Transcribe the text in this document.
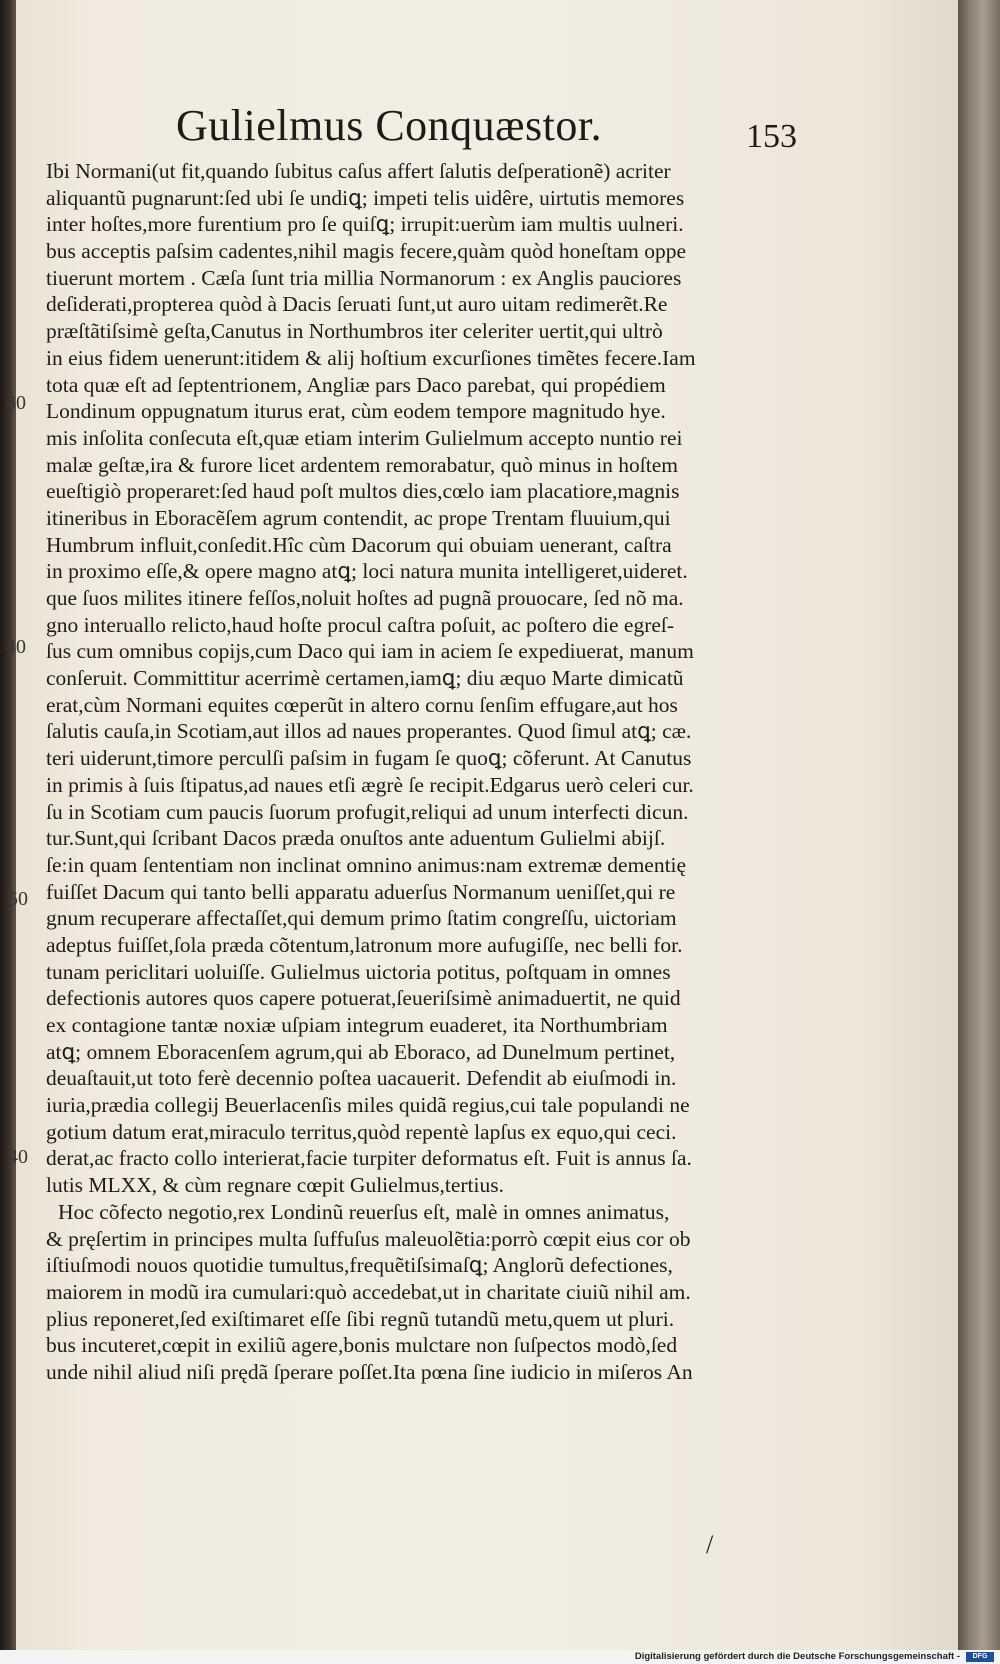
Gulielmus Conquæstor.	153
Ibi Normani(ut fit,quando ſubitus caſus affert ſalutis deſperationẽ) acriter
aliquantũ pugnarunt:ſed ubi ſe undiꝗ; impeti telis uidêre, uirtutis memores
inter hoſtes,more furentium pro ſe quiſꝗ; irrupit:uerùm iam multis uulneri.
bus acceptis paſsim cadentes,nihil magis fecere,quàm quòd honeſtam oppe
tiuerunt mortem . Cæſa ſunt tria millia Normanorum : ex Anglis pauciores
deſiderati,propterea quòd à Dacis ſeruati ſunt,ut auro uitam redimerẽt.Re
præſtãtiſsimè geſta,Canutus in Northumbros iter celeriter uertit,qui ultrò
in eius fidem uenerunt:itidem & alij hoſtium excurſiones timẽtes fecere.Iam
tota quæ eſt ad ſeptentrionem, Angliæ pars Daco parebat, qui propédiem
Londinum oppugnatum iturus erat, cùm eodem tempore magnitudo hye.
mis inſolita conſecuta eſt,quæ etiam interim Gulielmum accepto nuntio rei
malæ geſtæ,ira & furore licet ardentem remorabatur, quò minus in hoſtem
eueſtigiò properaret:ſed haud poſt multos dies,cœlo iam placatiore,magnis
itineribus in Eboracẽſem agrum contendit, ac prope Trentam fluuium,qui
Humbrum influit,conſedit.Hîc cùm Dacorum qui obuiam uenerant, caſtra
in proximo eſſe,& opere magno atꝗ; loci natura munita intelligeret,uideret.
que ſuos milites itinere feſſos,noluit hoſtes ad pugnã prouocare, ſed nõ ma.
gno interuallo relicto,haud hoſte procul caſtra poſuit, ac poſtero die egreſ-
ſus cum omnibus copijs,cum Daco qui iam in aciem ſe expediuerat, manum
conſeruit. Committitur acerrimè certamen,iamꝗ; diu æquo Marte dimicatũ
erat,cùm Normani equites cœperũt in altero cornu ſenſim effugare,aut hos
ſalutis cauſa,in Scotiam,aut illos ad naues properantes. Quod ſimul atꝗ; cæ.
teri uiderunt,timore perculſi paſsim in fugam ſe quoꝗ; cõferunt. At Canutus
in primis à ſuis ſtipatus,ad naues etſi ægrè ſe recipit.Edgarus uerò celeri cur.
ſu in Scotiam cum paucis ſuorum profugit,reliqui ad unum interfecti dicun.
tur.Sunt,qui ſcribant Dacos præda onuſtos ante aduentum Gulielmi abijſ.
ſe:in quam ſententiam non inclinat omnino animus:nam extremæ dementię
fuiſſet Dacum qui tanto belli apparatu aduerſus Normanum ueniſſet,qui re
gnum recuperare affectaſſet,qui demum primo ſtatim congreſſu, uictoriam
adeptus fuiſſet,ſola præda cõtentum,latronum more aufugiſſe, nec belli for.
tunam periclitari uoluiſſe. Gulielmus uictoria potitus, poſtquam in omnes
defectionis autores quos capere potuerat,ſeueriſsimè animaduertit, ne quid
ex contagione tantæ noxiæ uſpiam integrum euaderet, ita Northumbriam
atꝗ; omnem Eboracenſem agrum,qui ab Eboraco, ad Dunelmum pertinet,
deuaſtauit,ut toto ferè decennio poſtea uacauerit. Defendit ab eiuſmodi in.
iuria,prædia collegij Beuerlacenſis miles quidã regius,cui tale populandi ne
gotium datum erat,miraculo territus,quòd repentè lapſus ex equo,qui ceci.
derat,ac fracto collo interierat,facie turpiter deformatus eſt. Fuit is annus ſa.
lutis MLXX, & cùm regnare cœpit Gulielmus,tertius.
Hoc cõfecto negotio,rex Londinũ reuerſus eſt, malè in omnes animatus,
& pręſertim in principes multa ſuffuſus maleuolẽtia:porrò cœpit eius cor ob
iſtiuſmodi nouos quotidie tumultus,frequẽtiſsimaſꝗ; Anglorũ defectiones,
maiorem in modũ ira cumulari:quò accedebat,ut in charitate ciuiũ nihil am.
plius reponeret,ſed exiſtimaret eſſe ſibi regnũ tutandũ metu,quem ut pluri.
bus incuteret,cœpit in exiliũ agere,bonis mulctare non ſuſpectos modò,ſed
unde nihil aliud niſi prędã ſperare poſſet.Ita pœna ſine iudicio in miſeros An
30
40
50
40
/
Digitalisierung gefördert durch die Deutsche Forschungsgemeinschaft -	DFG
